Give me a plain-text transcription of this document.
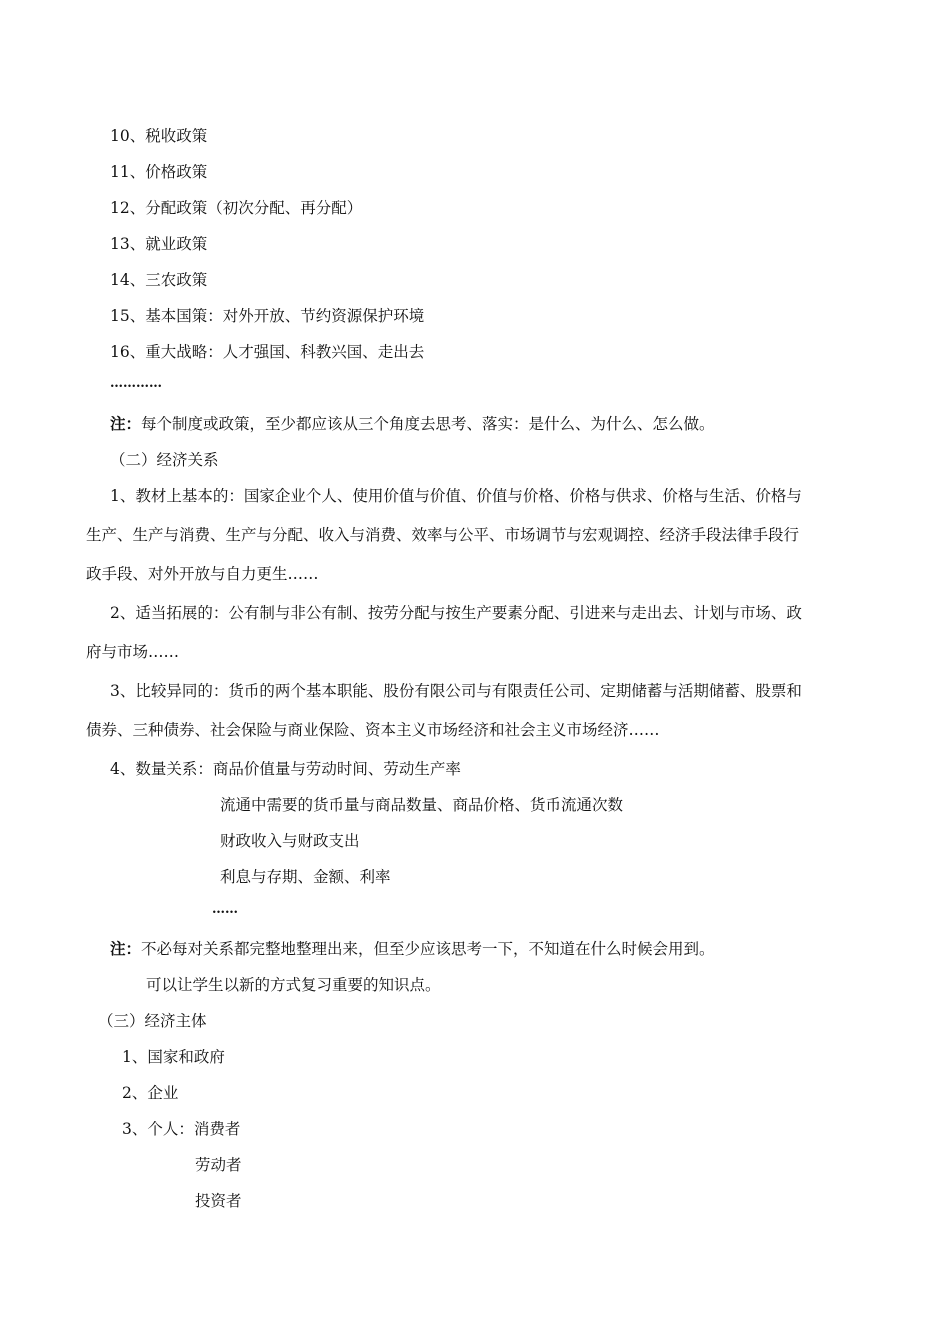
10、税收政策
11、价格政策
12、分配政策（初次分配、再分配）
13、就业政策
14、三农政策
15、基本国策：对外开放、节约资源保护环境
16、重大战略：人才强国、科教兴国、走出去
…………
注：每个制度或政策，至少都应该从三个角度去思考、落实：是什么、为什么、怎么做。
（二）经济关系
1、教材上基本的：国家企业个人、使用价值与价值、价值与价格、价格与供求、价格与生活、价格与
生产、生产与消费、生产与分配、收入与消费、效率与公平、市场调节与宏观调控、经济手段法律手段行
政手段、对外开放与自力更生……
2、适当拓展的：公有制与非公有制、按劳分配与按生产要素分配、引进来与走出去、计划与市场、政
府与市场……
3、比较异同的：货币的两个基本职能、股份有限公司与有限责任公司、定期储蓄与活期储蓄、股票和
债券、三种债券、社会保险与商业保险、资本主义市场经济和社会主义市场经济……
4、数量关系：商品价值量与劳动时间、劳动生产率
流通中需要的货币量与商品数量、商品价格、货币流通次数
财政收入与财政支出
利息与存期、金额、利率
……
注：不必每对关系都完整地整理出来，但至少应该思考一下，不知道在什么时候会用到。
可以让学生以新的方式复习重要的知识点。
（三）经济主体
1、国家和政府
2、企业
3、个人：消费者
劳动者
投资者
